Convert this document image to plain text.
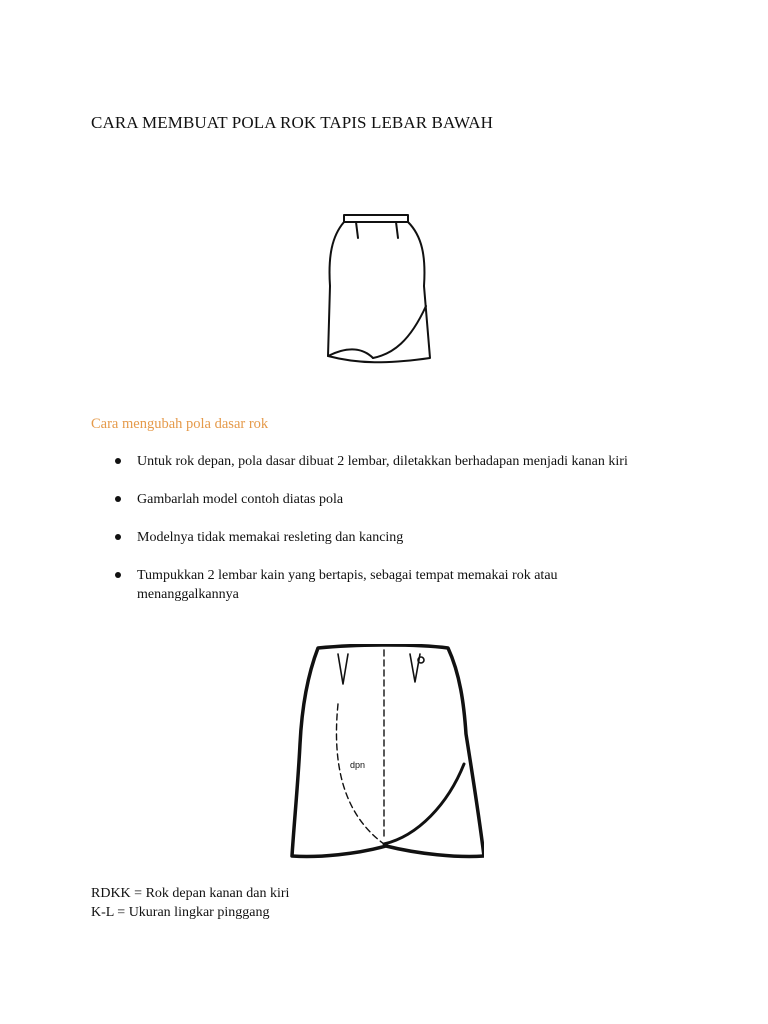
CARA MEMBUAT POLA ROK TAPIS LEBAR BAWAH
Cara mengubah pola dasar rok
Untuk rok depan, pola dasar dibuat 2 lembar, diletakkan berhadapan menjadi kanan kiri
Gambarlah model contoh diatas pola
Modelnya tidak memakai resleting dan kancing
Tumpukkan 2 lembar kain yang bertapis, sebagai tempat memakai rok atau menanggalkannya
dpn
RDKK = Rok depan kanan dan kiri
K-L = Ukuran lingkar pinggang
